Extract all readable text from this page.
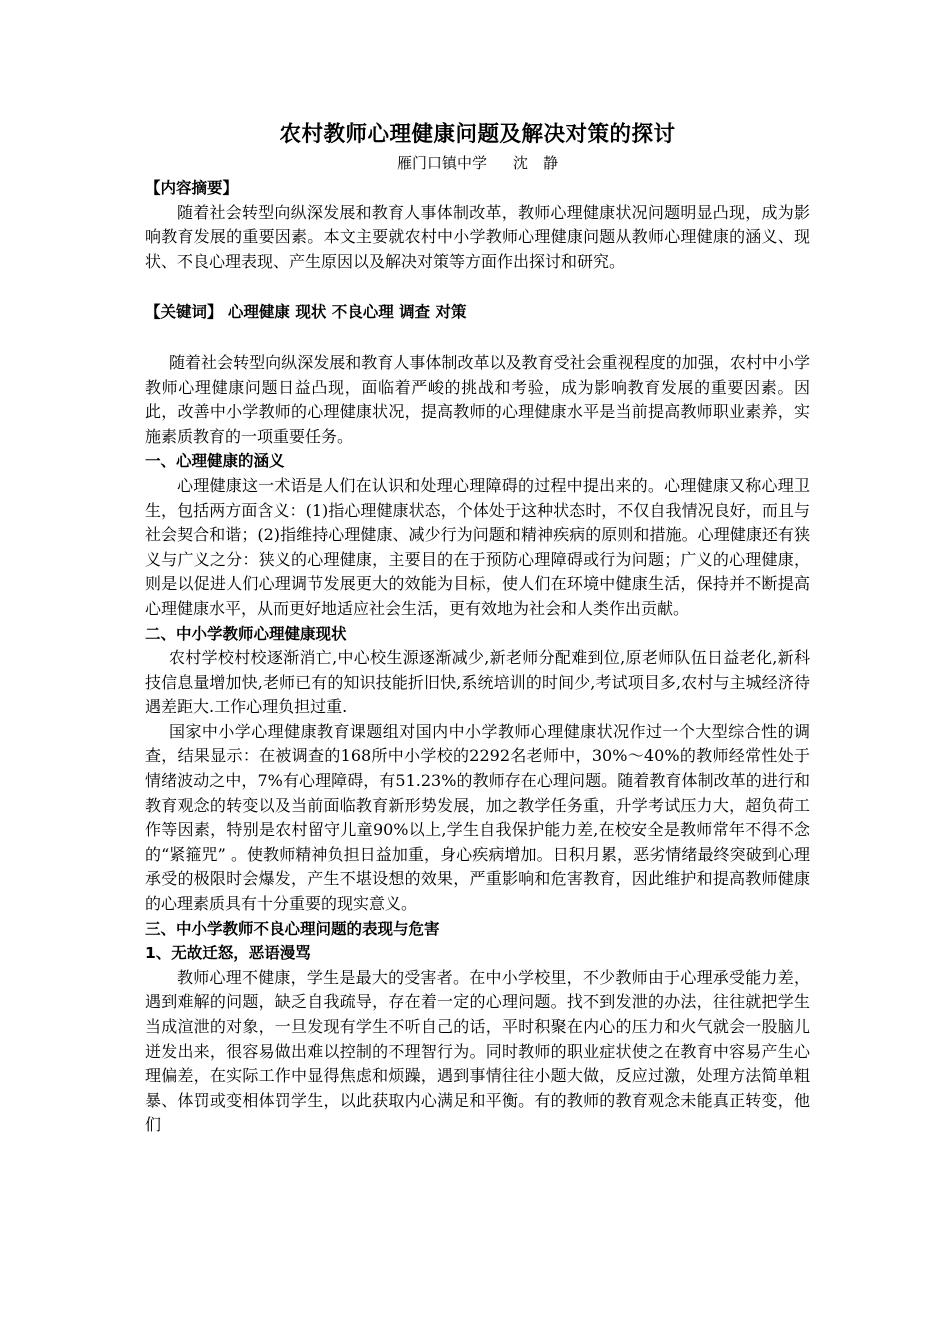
农村教师心理健康问题及解决对策的探讨
雁门口镇中学 沈　静
【内容摘要】

随着社会转型向纵深发展和教育人事体制改革，教师心理健康状况问题明显凸现，成为影响教育发展的重要因素。本文主要就农村中小学教师心理健康问题从教师心理健康的涵义、现状、不良心理表现、产生原因以及解决对策等方面作出探讨和研究。

【关键词】 心理健康 现状 不良心理 调查 对策

随着社会转型向纵深发展和教育人事体制改革以及教育受社会重视程度的加强，农村中小学教师心理健康问题日益凸现，面临着严峻的挑战和考验，成为影响教育发展的重要因素。因此，改善中小学教师的心理健康状况，提高教师的心理健康水平是当前提高教师职业素养，实施素质教育的一项重要任务。

一、心理健康的涵义

心理健康这一术语是人们在认识和处理心理障碍的过程中提出来的。心理健康又称心理卫生，包括两方面含义：(1)指心理健康状态，个体处于这种状态时，不仅自我情况良好，而且与社会契合和谐；(2)指维持心理健康、减少行为问题和精神疾病的原则和措施。心理健康还有狭义与广义之分：狭义的心理健康，主要目的在于预防心理障碍或行为问题；广义的心理健康，则是以促进人们心理调节发展更大的效能为目标，使人们在环境中健康生活，保持并不断提高心理健康水平，从而更好地适应社会生活，更有效地为社会和人类作出贡献。

二、中小学教师心理健康现状

农村学校村校逐渐消亡,中心校生源逐渐减少,新老师分配难到位,原老师队伍日益老化,新科技信息量增加快,老师已有的知识技能折旧快,系统培训的时间少,考试项目多,农村与主城经济待遇差距大.工作心理负担过重.

国家中小学心理健康教育课题组对国内中小学教师心理健康状况作过一个大型综合性的调查，结果显示：在被调查的168所中小学校的2292名老师中，30%～40%的教师经常性处于情绪波动之中，7%有心理障碍，有51.23%的教师存在心理问题。随着教育体制改革的进行和教育观念的转变以及当前面临教育新形势发展，加之教学任务重，升学考试压力大，超负荷工作等因素，特别是农村留守儿童90%以上,学生自我保护能力差,在校安全是教师常年不得不念的“紧箍咒” 。使教师精神负担日益加重，身心疾病增加。日积月累，恶劣情绪最终突破到心理承受的极限时会爆发，产生不堪设想的效果，严重影响和危害教育，因此维护和提高教师健康的心理素质具有十分重要的现实意义。

三、中小学教师不良心理问题的表现与危害
1、无故迁怒，恶语漫骂

教师心理不健康，学生是最大的受害者。在中小学校里，不少教师由于心理承受能力差，遇到难解的问题，缺乏自我疏导，存在着一定的心理问题。找不到发泄的办法，往往就把学生当成渲泄的对象，一旦发现有学生不听自己的话，平时积聚在内心的压力和火气就会一股脑儿迸发出来，很容易做出难以控制的不理智行为。同时教师的职业症状使之在教育中容易产生心理偏差，在实际工作中显得焦虑和烦躁，遇到事情往往小题大做，反应过激，处理方法简单粗暴、体罚或变相体罚学生，以此获取内心满足和平衡。有的教师的教育观念未能真正转变，他们
